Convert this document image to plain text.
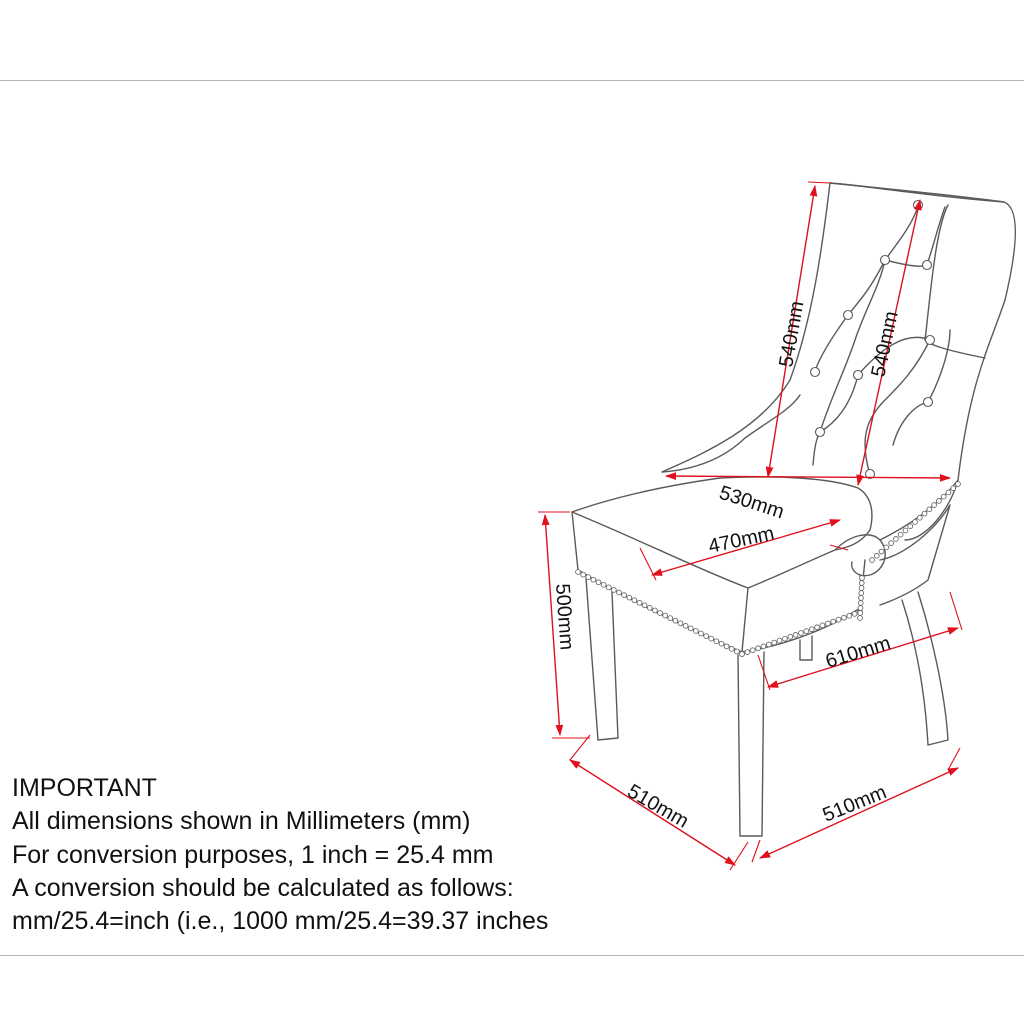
540mm	540mm
530mm
470mm
500mm
610mm
510mm	510mm
IMPORTANT
All dimensions shown in Millimeters (mm)
For conversion purposes, 1 inch = 25.4 mm
A conversion should be calculated as follows:
mm/25.4=inch (i.e., 1000 mm/25.4=39.37 inches
